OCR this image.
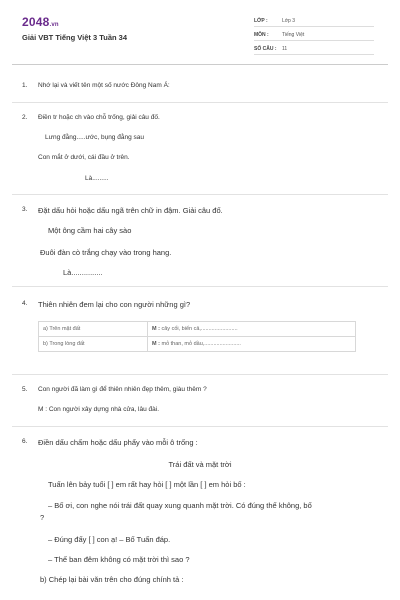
2048.vn
Giải VBT Tiếng Việt 3 Tuần 34
LỚP :	Lớp 3
MÔN :	Tiếng Việt
SỐ CÂU : 11
1. Nhớ lại và viết tên một số nước Đông Nam Á:
2. Điền tr hoặc ch vào chỗ trống, giải câu đố.
Lưng đằng.....ước, bụng đằng sau
Con mắt ở dưới, cái đầu ở trên.
Là.........
3. Đặt dấu hỏi hoặc dấu ngã trên chữ in đậm. Giải câu đố.
Một ông cầm hai cây sào
Đuôi đàn cò trắng chạy vào trong hang.
Là...............
4. Thiên nhiên đem lại cho con người những gì?
a) Trên mặt đất	M : cây cối, biển cả,........................
b) Trong lòng đất	M : mỏ than, mỏ dầu,........................
5. Con người đã làm gì để thiên nhiên đẹp thêm, giàu thêm ?
M : Con người xây dựng nhà cửa, lâu đài.
6. Điền dấu chấm hoặc dấu phẩy vào mỗi ô trống :
Trái đất và mặt trời
Tuấn lên bảy tuổi [ ] em rất hay hỏi [ ] một lần [ ] em hỏi bố :
– Bố ơi, con nghe nói trái đất quay xung quanh mặt trời. Có đúng thế không, bố
?
– Đúng đấy [ ] con ạ! – Bố Tuấn đáp.
– Thế ban đêm không có mặt trời thì sao ?
b) Chép lại bài văn trên cho đúng chính tả :
